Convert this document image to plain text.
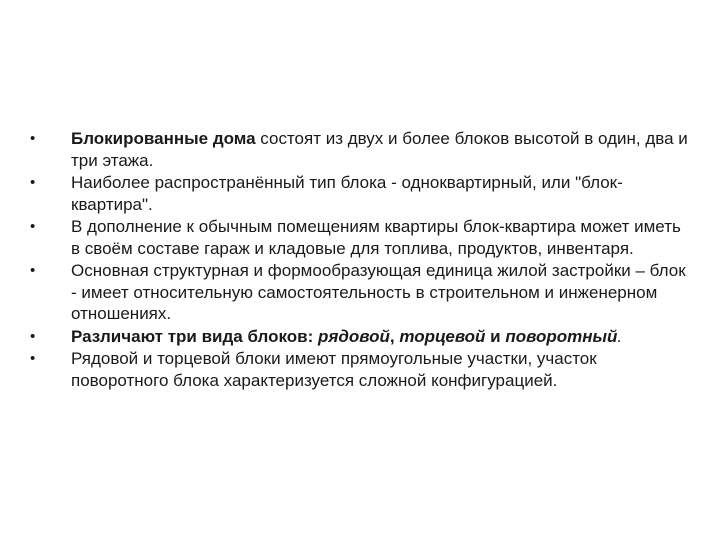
•	Блокированные дома состоят из двух и более блоков высотой в один, два и три этажа.
•	Наиболее распространённый тип блока - одноквартирный, или "блок-квартира".
•	В дополнение к обычным помещениям квартиры блок-квартира может иметь в своём составе гараж и кладовые для топлива, продуктов, инвентаря.
•	Основная структурная и формообразующая единица жилой застройки – блок - имеет относительную самостоятельность в строительном и инженерном отношениях.
•	Различают три вида блоков: рядовой, торцевой и поворотный.
•	Рядовой и торцевой блоки имеют прямоугольные участки, участок поворотного блока характеризуется сложной конфигурацией.
